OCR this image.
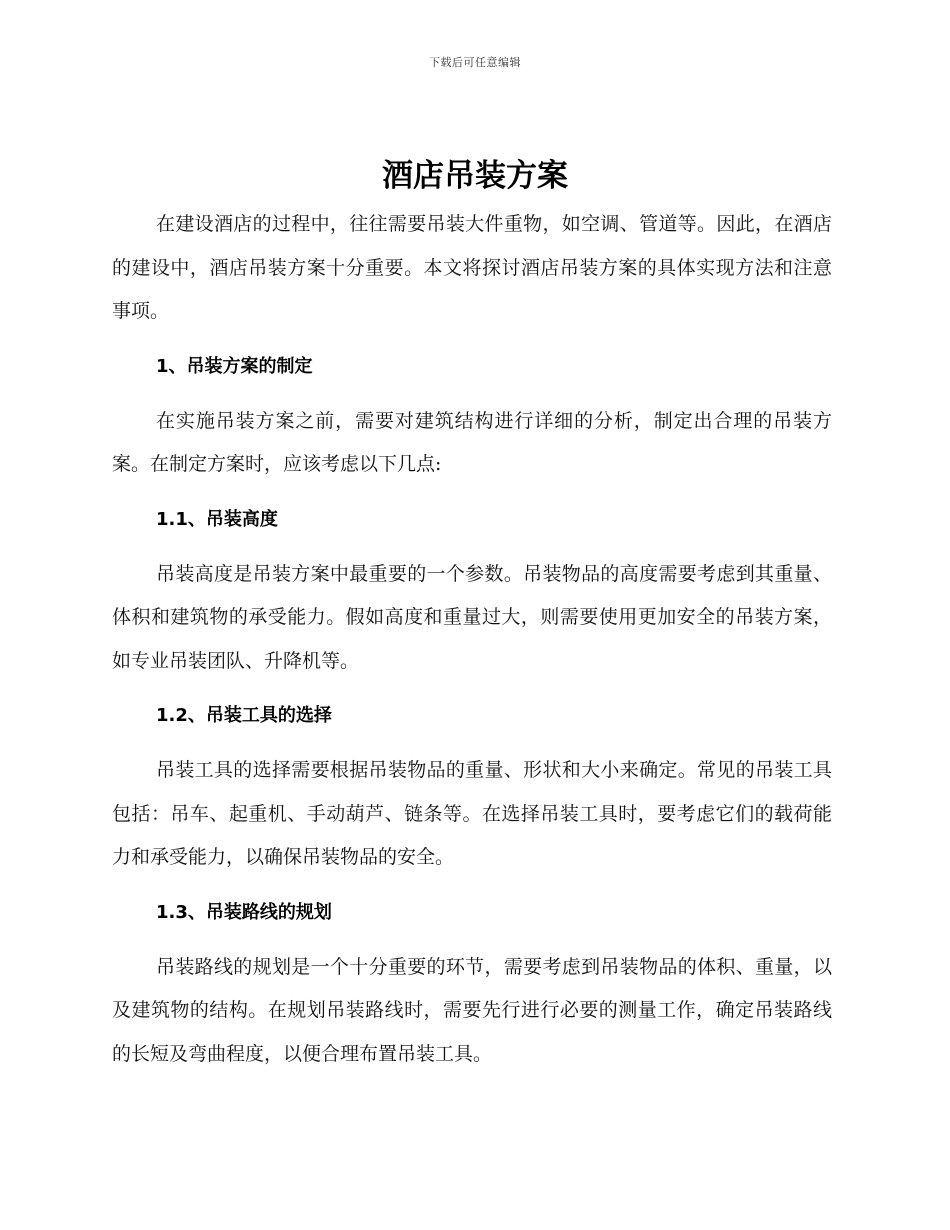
下载后可任意编辑
酒店吊装方案

在建设酒店的过程中，往往需要吊装大件重物，如空调、管道等。因此，在酒店的建设中，酒店吊装方案十分重要。本文将探讨酒店吊装方案的具体实现方法和注意事项。

1、吊装方案的制定

在实施吊装方案之前，需要对建筑结构进行详细的分析，制定出合理的吊装方案。在制定方案时，应该考虑以下几点:

1.1、吊装高度

吊装高度是吊装方案中最重要的一个参数。吊装物品的高度需要考虑到其重量、体积和建筑物的承受能力。假如高度和重量过大，则需要使用更加安全的吊装方案，如专业吊装团队、升降机等。

1.2、吊装工具的选择

吊装工具的选择需要根据吊装物品的重量、形状和大小来确定。常见的吊装工具包括：吊车、起重机、手动葫芦、链条等。在选择吊装工具时，要考虑它们的载荷能力和承受能力，以确保吊装物品的安全。

1.3、吊装路线的规划

吊装路线的规划是一个十分重要的环节，需要考虑到吊装物品的体积、重量，以及建筑物的结构。在规划吊装路线时，需要先行进行必要的测量工作，确定吊装路线的长短及弯曲程度，以便合理布置吊装工具。
